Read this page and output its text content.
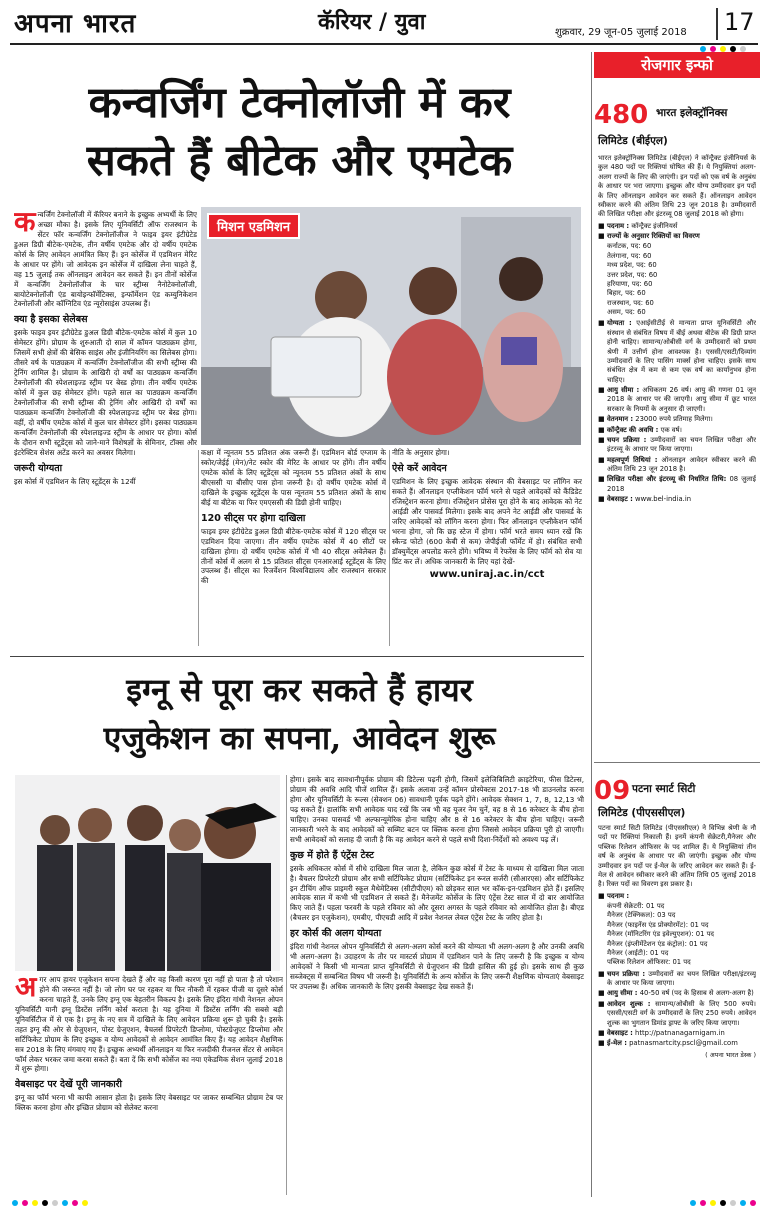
अपना भारत	कॅरियर / युवा	शुक्रवार, 29 जून-05 जुलाई 2018 17
कन्वर्जिंग टेक्नोलॉजी में कर
सकते हैं बीटेक और एमटेक

कन्वर्जिंग टेक्नोलॉजी में कॅरियर बनाने के इच्छुक अभ्यर्थी के लिए अच्छा मौका है। इसके लिए यूनिवर्सिटी ऑफ राजस्थान के सेंटर फॉर कन्वर्जिंग टेक्नोलॉजीज ने फाइव इयर इंटीग्रेटेड डुअल डिग्री बीटेक-एमटेक, तीन वर्षीय एमटेक और दो वर्षीय एमटेक कोर्स के लिए आवेदन आमंत्रित किए हैं। इन कोर्सेज में एडमिशन मेरिट के आधार पर होंगे। जो आवेदक इन कोर्सेज में दाखिला लेना चाहते हैं, वह 15 जुलाई तक ऑनलाइन आवेदन कर सकते हैं। इन तीनों कोर्सेज में कन्वर्जिंग टेक्नोलॉजीज के चार स्ट्रीम्स नैनोटेक्नोलॉजी, बायोटेक्नोलॉजी एंड बायोइन्फॉर्मेटिक्स, इन्फॉर्मेशन एंड कम्युनिकेशन टेक्नोलॉजी और कॉग्निटिव एंड न्यूरोसाइंस उपलब्ध हैं।

क्या है इसका सेलेबस

इसके फाइव इयर इंटीग्रेटेड डुअल डिग्री बीटेक-एमटेक कोर्स में कुल 10 सेमेस्टर होंगे। प्रोग्राम के शुरुआती दो साल में कॉमन पाठ्यक्रम होगा, जिसमें सभी क्षेत्रों की बेसिक साइंस और इंजीनियरिंग का सिलेबस होगा। तीसरे वर्ष के पाठ्यक्रम में कन्वर्जिंग टेक्नोलॉजीज की सभी स्ट्रीम्स की ट्रेनिंग शामिल है। प्रोग्राम के आखिरी दो वर्षों का पाठ्यक्रम कन्वर्जिंग टेक्नोलॉजी की स्पेशलाइज्ड स्ट्रीम पर बेस्ड होगा। तीन वर्षीय एमटेक कोर्स में कुल छह सेमेस्टर होंगे। पहले साल का पाठ्यक्रम कन्वर्जिंग टेक्नोलॉजीज की सभी स्ट्रीम्स की ट्रेनिंग और आखिरी दो वर्षों का पाठ्यक्रम कन्वर्जिंग टेक्नोलॉजी की स्पेशलाइज्ड स्ट्रीम पर बेस्ड होगा। वहीं, दो वर्षीय एमटेक कोर्स में कुल चार सेमेस्टर होंगे। इसका पाठ्यक्रम कन्वर्जिंग टेक्नोलॉजी की स्पेशलाइज्ड स्ट्रीम के आधार पर होगा। कोर्स के दौरान सभी स्टूडेंट्स को जाने-माने विशेषज्ञों के सेमिनार, टॉक्स और इंटरेक्टिव सेशंस अटेंड करने का अवसर मिलेगा।

जरूरी योग्यता

इस कोर्स में एडमिशन के लिए स्टूडेंट्स के 12वीं

मिशन एडमिशन

कक्षा में न्यूनतम 55 प्रतिशत अंक जरूरी हैं। एडमिशन बोर्ड एग्जाम के स्कोर/जेईई (मेन)/नेट स्कोर की मेरिट के आधार पर होंगे। तीन वर्षीय एमटेक कोर्स के लिए स्टूडेंट्स को न्यूनतम 55 प्रतिशत अंकों के साथ बीएससी या बीसीए पास होना जरूरी है। दो वर्षीय एमटेक कोर्स में दाखिले के इच्छुक स्टूडेंट्स के पास न्यूनतम 55 प्रतिशत अंकों के साथ बीई या बीटेक या फिर एमएससी की डिग्री होनी चाहिए।

120 सीट्स पर होगा दाखिला

फाइव इयर इंटीग्रेटेड डुअल डिग्री बीटेक-एमटेक कोर्स में 120 सीट्स पर एडमिशन दिया जाएगा। तीन वर्षीय एमटेक कोर्स में 40 सीटों पर दाखिला होगा। दो वर्षीय एमटेक कोर्स में भी 40 सीट्स अवेलेबल हैं। तीनों कोर्स में अलग से 15 प्रतिशत सीट्स एनआरआई स्टूडेंट्स के लिए उपलब्ध हैं। सीट्स का रिजर्वेशन विश्वविद्यालय और राजस्थान सरकार की

नीति के अनुसार होगा।

ऐसे करें आवेदन

एडमिशन के लिए इच्छुक आवेदक संस्थान की वेबसाइट पर लॉगिन कर सकते हैं। ऑनलाइन एप्लीकेशन फॉर्म भरने से पहले आवेदकों को कैंडिडेट रजिस्ट्रेशन करना होगा। रजिस्ट्रेशन प्रोसेस पूरा होने के बाद आवेदक को नेट आईडी और पासवर्ड मिलेगा। इसके बाद अपने नेट आईडी और पासवर्ड के जरिए आवेदकों को लॉगिन करना होगा। फिर ऑनलाइन एप्लीकेशन फॉर्म भरना होगा, जो कि छह स्टेज में होगा। फॉर्म भरते समय ध्यान रखें कि स्कैन्ड फोटो (600 केबी से कम) जेपीईजी फॉर्मेट में हो। संबंधित सभी डॉक्युमेंट्स अपलोड करने होंगे। भविष्य में रेफरेंस के लिए फॉर्म को सेव या प्रिंट कर लें। अधिक जानकारी के लिए यहां देखें-

www.uniraj.ac.in/cct
इग्नू से पूरा कर सकते हैं हायर
एजुकेशन का सपना, आवेदन शुरू

अगर आप हायर एजुकेशन सपना देखते हैं और वह किसी कारण पूरा नहीं हो पाता है तो परेशान होने की जरूरत नहीं है। जो लोग घर पर रहकर या फिर नौकरी में रहकर पीजी या दूसरे कोर्स करना चाहते हैं, उनके लिए इग्नू एक बेहतरीन विकल्प है। इसके लिए इंदिरा गांधी नेशनल ओपन यूनिवर्सिटी यानी इग्नू डिस्टेंस लर्निंग कोर्स कराता है। यह दुनिया में डिस्टेंस लर्निंग की सबसे बड़ी यूनिवर्सिटीज में से एक है। इग्नू के नए सत्र में दाखिले के लिए आवेदन प्रक्रिया शुरू हो चुकी है। इसके तहत इग्नू की ओर से ग्रेजुएशन, पोस्ट ग्रेजुएशन, बैचलर्स प्रिपरेटरी डिप्लोमा, पोस्टग्रेजुएट डिप्लोमा और सर्टिफिकेट प्रोग्राम के लिए इच्छुक व योग्य आवेदकों से आवेदन आमंत्रित किए हैं। यह आवेदन शैक्षणिक सत्र 2018 के लिए मंगवाए गए हैं। इच्छुक अभ्यर्थी ऑनलाइन या फिर नजदीकी रीजनल सेंटर से आवेदन फॉर्म लेकर भरकर जमा करवा सकते हैं। बता दें कि सभी कोर्सेज का नया एकेडमिक सेशन जुलाई 2018 में शुरू होगा।

वेबसाइट पर देखें पूरी जानकारी

इग्नू का फॉर्म भरना भी काफी आसान होता है। इसके लिए वेबसाइट पर जाकर सम्बन्धित प्रोग्राम टेब पर क्लिक करना होगा और इच्छित प्रोग्राम को सेलेक्ट करना

होगा। इसके बाद सावधानीपूर्वक प्रोग्राम की डिटेल्स पढ़नी होगी, जिसमें इलेजिबिलिटी क्राइटेरिया, फीस डिटेल्स, प्रोग्राम की अवधि आदि चीजें शामिल हैं। इसके अलावा उन्हें कॉमन प्रोस्पेक्टस 2017-18 भी डाउनलोड करना होगा और यूनिवर्सिटी के रूल्स (सेक्शन 06) सावधानी पूर्वक पढ़ने होंगे। आवेदक सेक्शन 1, 7, 8, 12,13 भी पढ़ सकते हैं। हालांकि सभी आवेदक याद रखें कि जब भी वह यूजर नेम चुनें, वह 8 से 16 करेक्टर के बीच होना चाहिए। उनका पासवर्ड भी अल्फान्यूमेरिक होना चाहिए और 8 से 16 करेक्टर के बीच होना चाहिए। जरूरी जानकारी भरने के बाद आवेदकों को सब्मिट बटन पर क्लिक करना होगा जिससे आवेदन प्रक्रिया पूरी हो जाएगी। सभी आवेदकों को सलाह दी जाती है कि वह आवेदन करने से पहले सभी दिशा-निर्देशों को अवश्य पढ़ लें।

कुछ में होते हैं एंट्रेंस टेस्ट

इसके अधिकतर कोर्स में सीधे दाखिला मिल जाता है, लेकिन कुछ कोर्स में टेस्ट के माध्यम से दाखिला मिल जाता है। बैचलर प्रिपरेटरी प्रोग्राम और सभी सर्टिफिकेट प्रोग्राम (सर्टिफिकेट इन रूरल सर्जरी (सीआरएस) और सर्टिफिकेट इन टीचिंग ऑफ प्राइमरी स्कूल मैथेमेटिक्स (सीटीपीएम) को छोड़कर साल भर कॉक-इन-एडमिशन होते हैं। इसलिए आवेदक साल में कभी भी एडमिशन ले सकते हैं। मैनेजमेंट कोर्सेज के लिए एंट्रेंस टेस्ट साल में दो बार आयोजित किए जाते हैं। पहला फरवरी के पहले रविवार को और दूसरा अगस्त के पहले रविवार को आयोजित होता है। बीएड (बैचलर इन एजुकेशन), एमबीए, पीएचडी आदि में प्रवेश नेशनल लेवल एंट्रेंस टेस्ट के जरिए होता है।

हर कोर्स की अलग योग्यता

इंदिरा गांधी नेशनल ओपन यूनिवर्सिटी से अलग-अलग कोर्स करने की योग्यता भी अलग-अलग है और उनकी अवधि भी अलग-अलग है। उदाहरण के तौर पर मास्टर्स प्रोग्राम में एडमिशन पाने के लिए जरूरी है कि इच्छुक व योग्य आवेदकों ने किसी भी मान्यता प्राप्त यूनिवर्सिटी से ग्रेजुएशन की डिग्री हासिल की हुई हो। इसके साथ ही कुछ सब्जेक्ट्स में सम्बन्धित विषय भी जरूरी है। यूनिवर्सिटी के अन्य कोर्सेज के लिए जरूरी शैक्षणिक योग्यताएं वेबसाइट पर उपलब्ध हैं। अधिक जानकारी के लिए इसकी वेबसाइट देख सकते हैं।

रोजगार इन्फो
480 भारत इलेक्ट्रॉनिक्स
लिमिटेड (बीईएल)

भारत इलेक्ट्रॉनिक्स लिमिटेड (बीईएल) ने कॉन्ट्रैक्ट इंजीनियर्स के कुल 480 पदों पर रिक्तियां घोषित की हैं। ये नियुक्तियां अलग-अलग राज्यों के लिए की जाएंगी। इन पदों को एक वर्ष के अनुबंध के आधार पर भरा जाएगा। इच्छुक और योग्य उम्मीदवार इन पदों के लिए ऑनलाइन आवेदन कर सकते हैं। ऑनलाइन आवेदन स्वीकार करने की अंतिम तिथि 23 जून 2018 है। उम्मीदवारों की लिखित परीक्षा और इंटरव्यू 08 जुलाई 2018 को होगा।

■ पदनाम : कॉन्ट्रैक्ट इंजीनियर्स
■ राज्यों के अनुसार रिक्तियों का विवरण
कर्नाटक, पद: 60
तेलंगाना, पद: 60
मध्य प्रदेश, पद: 60
उत्तर प्रदेश, पद: 60
हरियाणा, पद: 60
बिहार, पद: 60
राजस्थान, पद: 60
असम, पद: 60
■ योग्यता : एआईसीटीई से मान्यता प्राप्त यूनिवर्सिटी और संस्थान से संबंधित विषय में बीई अथवा बीटेक की डिग्री प्राप्त होनी चाहिए। सामान्य/ओबीसी वर्ग के उम्मीदवारों को प्रथम श्रेणी में उत्तीर्ण होना आवश्यक है। एससी/एसटी/दिव्यांग उम्मीदवारों के लिए पासिंग मार्क्स होना चाहिए। इसके साथ संबंधित क्षेत्र में कम से कम एक वर्ष का कार्यानुभव होना चाहिए।
■ आयु सीमा : अधिकतम 26 वर्ष। आयु की गणना 01 जून 2018 के आधार पर की जाएगी। आयु सीमा में छूट भारत सरकार के नियमों के अनुसार दी जाएगी।
■ वेतनमान : 23000 रुपये प्रतिमाह मिलेगा।
■ कॉन्ट्रैक्ट की अवधि : एक वर्ष।
■ चयन प्रक्रिया : उम्मीदवारों का चयन लिखित परीक्षा और इंटरव्यू के आधार पर किया जाएगा।
■ महत्वपूर्ण तिथियां : ऑनलाइन आवेदन स्वीकार करने की अंतिम तिथि 23 जून 2018 है।
■ लिखित परीक्षा और इंटरव्यू की निर्धारित तिथि: 08 जुलाई 2018
■ वेबसाइट : www.bel-india.in
09 पटना स्मार्ट सिटी
लिमिटेड (पीएससीएल)

पटना स्मार्ट सिटी लिमिटेड (पीएससीएल) ने विभिन्न श्रेणी के नौ पदों पर रिक्तियां निकाली हैं। इनमें कंपनी सेक्रेटरी,मैनेजर और पब्लिक रिलेशन ऑफिसर के पद शामिल हैं। ये नियुक्तियां तीन वर्ष के अनुबंध के आधार पर की जाएंगी। इच्छुक और योग्य उम्मीदवार इन पदों पर ई-मेल के जरिए आवेदन कर सकते हैं। ई-मेल से आवेदन स्वीकार करने की अंतिम तिथि 05 जुलाई 2018 है। रिक्त पदों का विवरण इस प्रकार है।

■ पदनाम :
कंपनी सेक्रेटरी: 01 पद
मैनेजर (टेक्निकल): 03 पद
मैनेजर (फाइनेंस एंड प्रोक्योरमेंट): 01 पद
मैनेजर (मॉनिटरिंग एंड इवेल्युएशन): 01 पद
मैनेजर (इंप्लीमेंटेशन एंड कंट्रोल): 01 पद
मैनेजर (आईटी): 01 पद
पब्लिक रिलेशन ऑफिसर: 01 पद
■ चयन प्रक्रिया : उम्मीदवारों का चयन लिखित परीक्षा/इंटरव्यू के आधार पर किया जाएगा।
■ आयु सीमा : 40-50 वर्ष (पद के हिसाब से अलग-अलग है)
■ आवेदन शुल्क : सामान्य/ओबीसी के लिए 500 रुपये। एससी/एसटी वर्ग के उम्मीदवारों के लिए 250 रुपये। आवेदन शुल्क का भुगतान डिमांड ड्राफ्ट के जरिए किया जाएगा।
■ वेबसाइट : http://patnanagarnigam.in
■ ई-मेल : patnasmartcity.pscl@gmail.com
( अपना भारत डेस्क )
